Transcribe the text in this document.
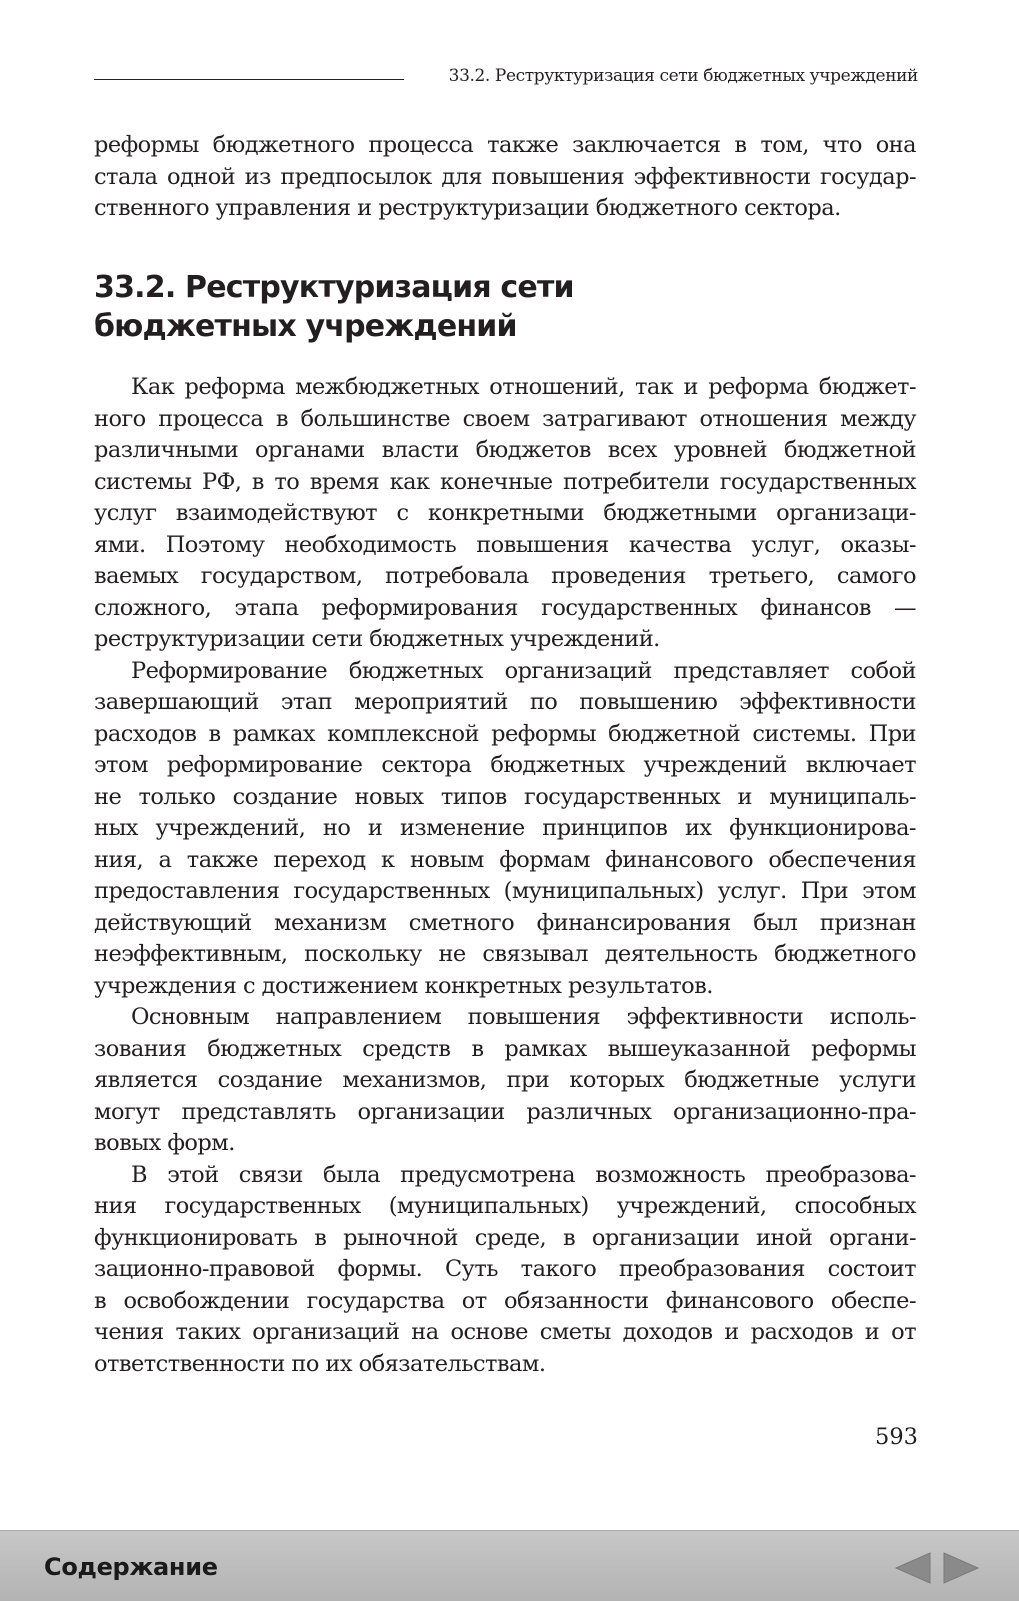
33.2. Реструктуризация сети бюджетных учреждений
реформы бюджетного процесса также заключается в том, что она
стала одной из предпосылок для повышения эффективности государ-
ственного управления и реструктуризации бюджетного сектора.
33.2. Реструктуризация сети
бюджетных учреждений
Как реформа межбюджетных отношений, так и реформа бюджет-
ного процесса в большинстве своем затрагивают отношения между
различными органами власти бюджетов всех уровней бюджетной
системы РФ, в то время как конечные потребители государственных
услуг взаимодействуют с конкретными бюджетными организаци-
ями. Поэтому необходимость повышения качества услуг, оказы-
ваемых государством, потребовала проведения третьего, самого
сложного, этапа реформирования государственных финансов —
реструктуризации сети бюджетных учреждений.
Реформирование бюджетных организаций представляет собой
завершающий этап мероприятий по повышению эффективности
расходов в рамках комплексной реформы бюджетной системы. При
этом реформирование сектора бюджетных учреждений включает
не только создание новых типов государственных и муниципаль-
ных учреждений, но и изменение принципов их функционирова-
ния, а также переход к новым формам финансового обеспечения
предоставления государственных (муниципальных) услуг. При этом
действующий механизм сметного финансирования был признан
неэффективным, поскольку не связывал деятельность бюджетного
учреждения с достижением конкретных результатов.
Основным направлением повышения эффективности исполь-
зования бюджетных средств в рамках вышеуказанной реформы
является создание механизмов, при которых бюджетные услуги
могут представлять организации различных организационно-пра-
вовых форм.
В этой связи была предусмотрена возможность преобразова-
ния государственных (муниципальных) учреждений, способных
функционировать в рыночной среде, в организации иной органи-
зационно-правовой формы. Суть такого преобразования состоит
в освобождении государства от обязанности финансового обеспе-
чения таких организаций на основе сметы доходов и расходов и от
ответственности по их обязательствам.
593
Содержание
